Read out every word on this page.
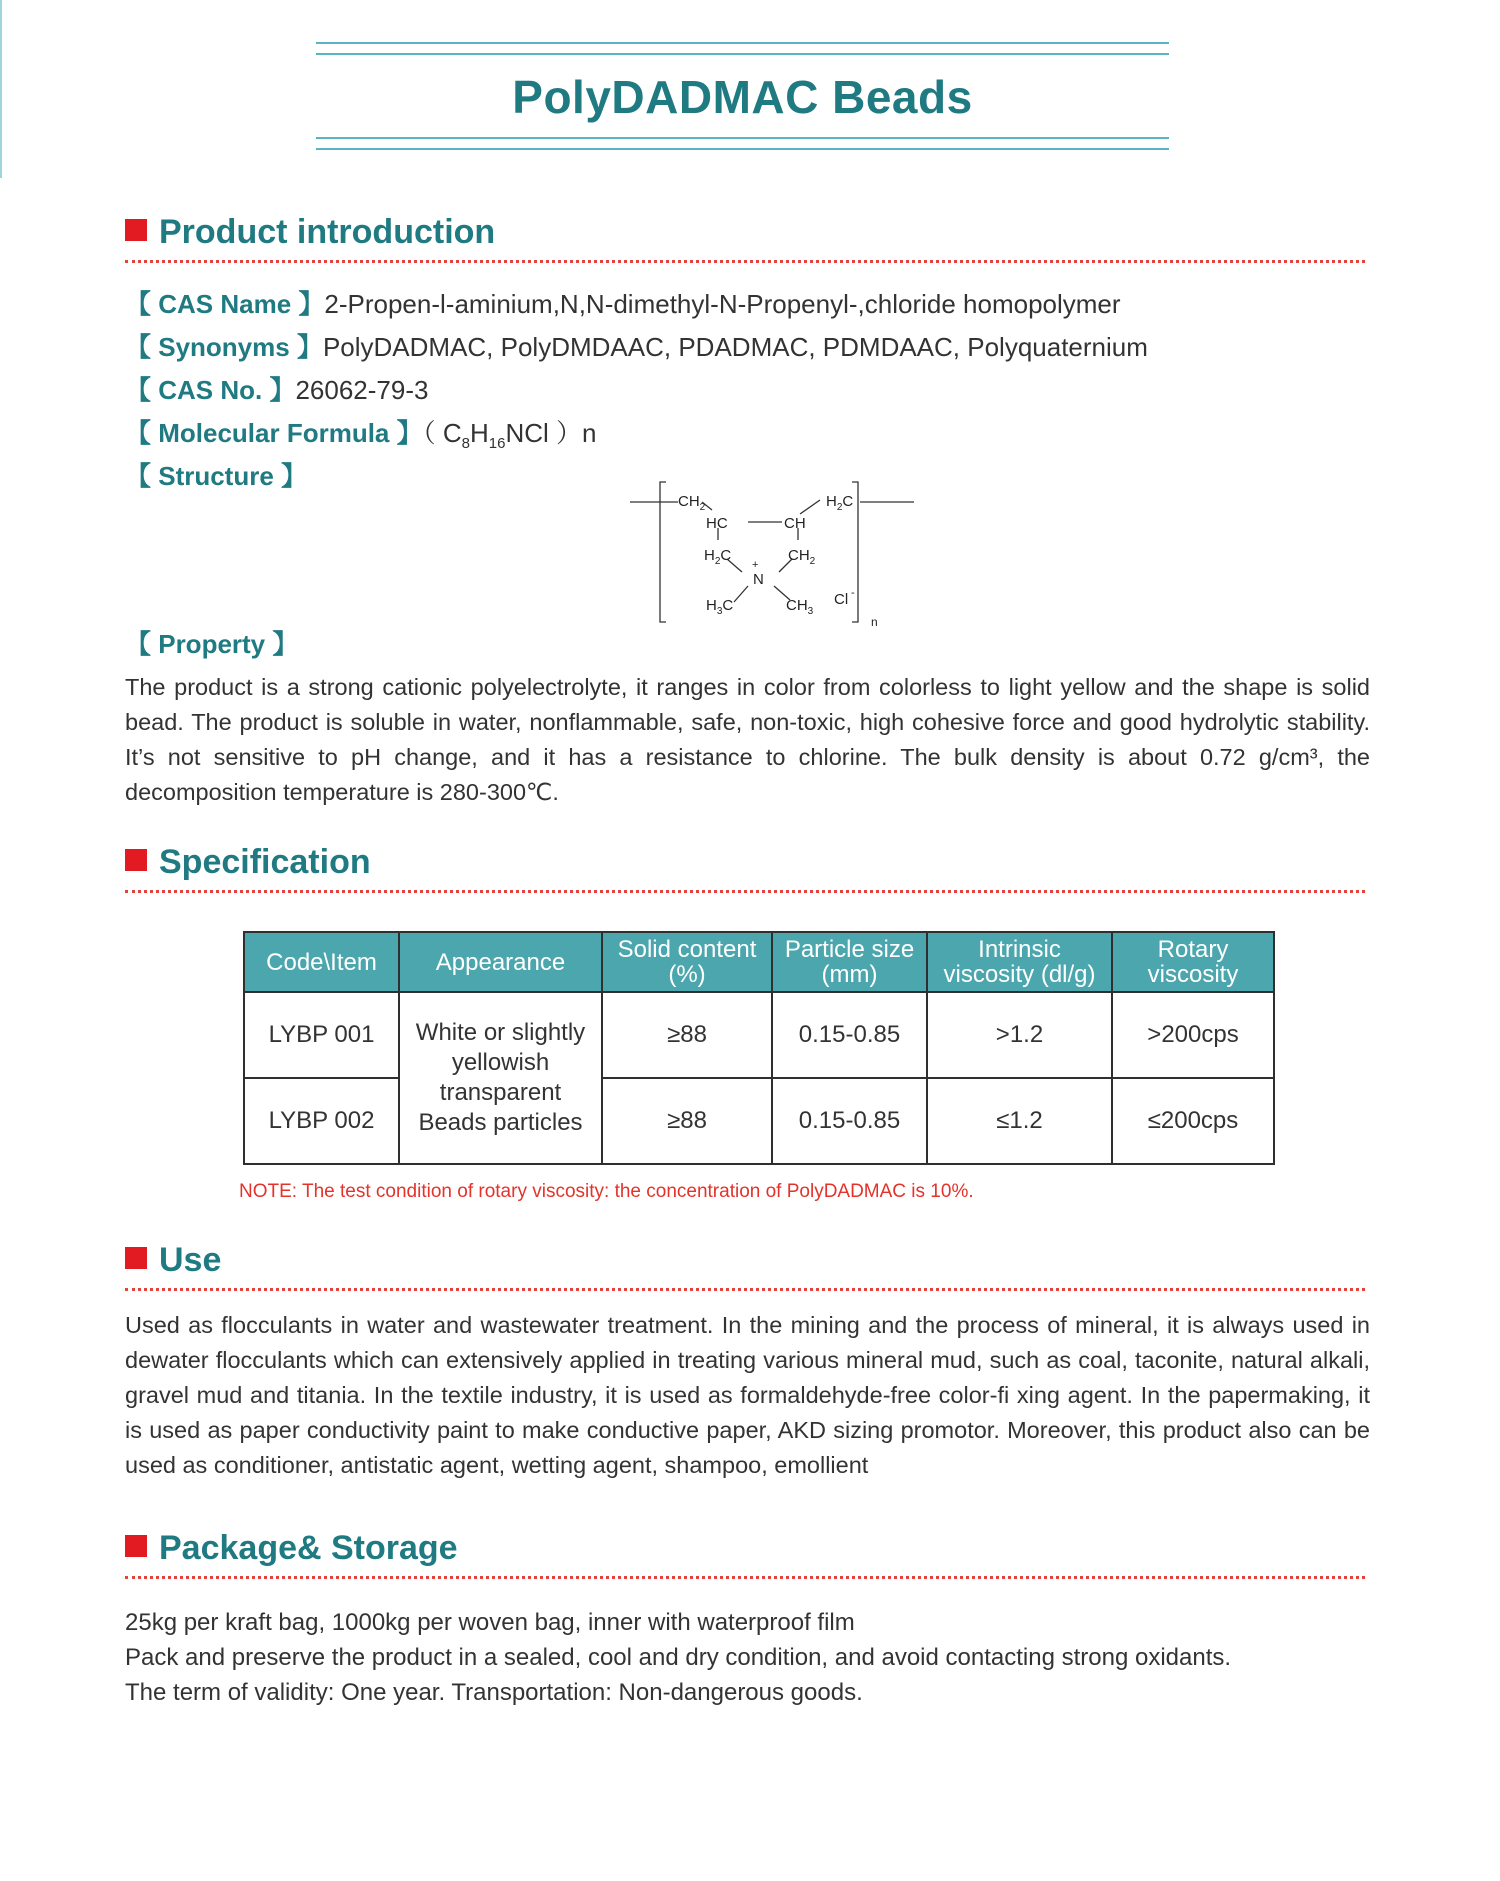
PolyDADMAC Beads
Product introduction
【 CAS Name 】2-Propen-l-aminium,N,N-dimethyl-N-Propenyl-,chloride homopolymer
【 Synonyms 】PolyDADMAC, PolyDMDAAC, PDADMAC, PDMDAAC, Polyquaternium
【 CAS No. 】26062-79-3
【 Molecular Formula 】（ $C_8H_{16}NCl$ ）n
【 Structure 】
$CH_2$
HC	CH
$H_2C$
$H_2C$	$CH_2$
+
N
$H_3C$	$CH_3$
Cl -
n
【 Property 】
The product is a strong cationic polyelectrolyte, it ranges in color from colorless to light yellow and the shape is solid bead. The product is soluble in water, nonflammable, safe, non-toxic, high cohesive force and good hydrolytic stability. It’s not sensitive to pH change, and it has a resistance to chlorine. The bulk density is about 0.72 g/cm³, the decomposition temperature is 280-300℃.
Specification
Code\Item	Appearance	Solid content (%)	Particle size (mm)	Intrinsic viscosity (dl/g)	Rotary viscosity
LYBP 001	White or slightly yellowish transparent Beads particles	≥88	0.15-0.85	>1.2	>200cps
LYBP 002		≥88	0.15-0.85	≤1.2	≤200cps
NOTE: The test condition of rotary viscosity: the concentration of PolyDADMAC is 10%.
Use
Used as flocculants in water and wastewater treatment. In the mining and the process of mineral, it is always used in dewater flocculants which can extensively applied in treating various mineral mud, such as coal, taconite, natural alkali, gravel mud and titania. In the textile industry, it is used as formaldehyde-free color-fi xing agent. In the papermaking, it is used as paper conductivity paint to make conductive paper, AKD sizing promotor. Moreover, this product also can be used as conditioner, antistatic agent, wetting agent, shampoo, emollient
Package& Storage
25kg per kraft bag, 1000kg per woven bag, inner with waterproof film
Pack and preserve the product in a sealed, cool and dry condition, and avoid contacting strong oxidants.
The term of validity: One year. Transportation: Non-dangerous goods.
